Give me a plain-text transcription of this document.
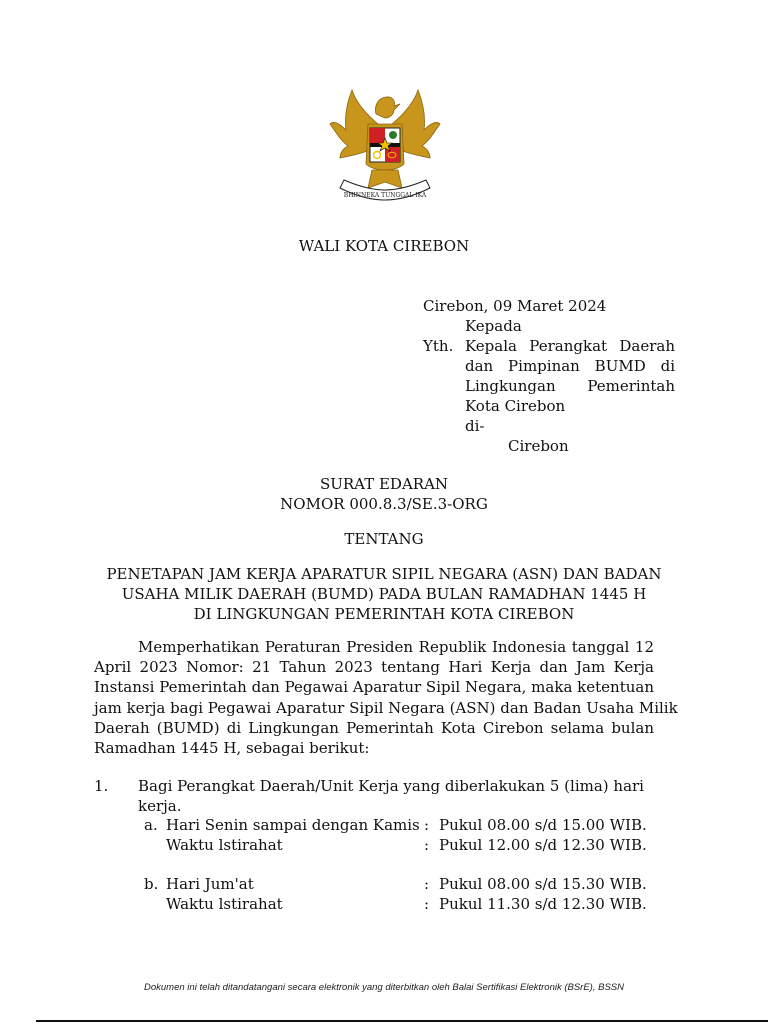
BHINNEKA TUNGGAL IKA
WALI KOTA CIREBON
Cirebon, 09 Maret 2024
Kepada
Yth. Kepala Perangkat Daerah
dan Pimpinan BUMD di
Lingkungan Pemerintah
Kota Cirebon
di-
Cirebon
SURAT EDARAN
NOMOR 000.8.3/SE.3-ORG
TENTANG
PENETAPAN JAM KERJA APARATUR SIPIL NEGARA (ASN) DAN BADAN
USAHA MILIK DAERAH (BUMD) PADA BULAN RAMADHAN 1445 H
DI LINGKUNGAN PEMERINTAH KOTA CIREBON
Memperhatikan Peraturan Presiden Republik Indonesia tanggal 12
April 2023 Nomor: 21 Tahun 2023 tentang Hari Kerja dan Jam Kerja
Instansi Pemerintah dan Pegawai Aparatur Sipil Negara, maka ketentuan
jam kerja bagi Pegawai Aparatur Sipil Negara (ASN) dan Badan Usaha Milik
Daerah (BUMD) di Lingkungan Pemerintah Kota Cirebon selama bulan
Ramadhan 1445 H, sebagai berikut:
1. Bagi Perangkat Daerah/Unit Kerja yang diberlakukan 5 (lima) hari
kerja.
a. Hari Senin sampai dengan Kamis : Pukul 08.00 s/d 15.00 WIB.
Waktu lstirahat	: Pukul 12.00 s/d 12.30 WIB.
b. Hari Jum'at	: Pukul 08.00 s/d 15.30 WIB.
Waktu lstirahat	: Pukul 11.30 s/d 12.30 WIB.
Dokumen ini telah ditandatangani secara elektronik yang diterbitkan oleh Balai Sertifikasi Elektronik (BSrE), BSSN
